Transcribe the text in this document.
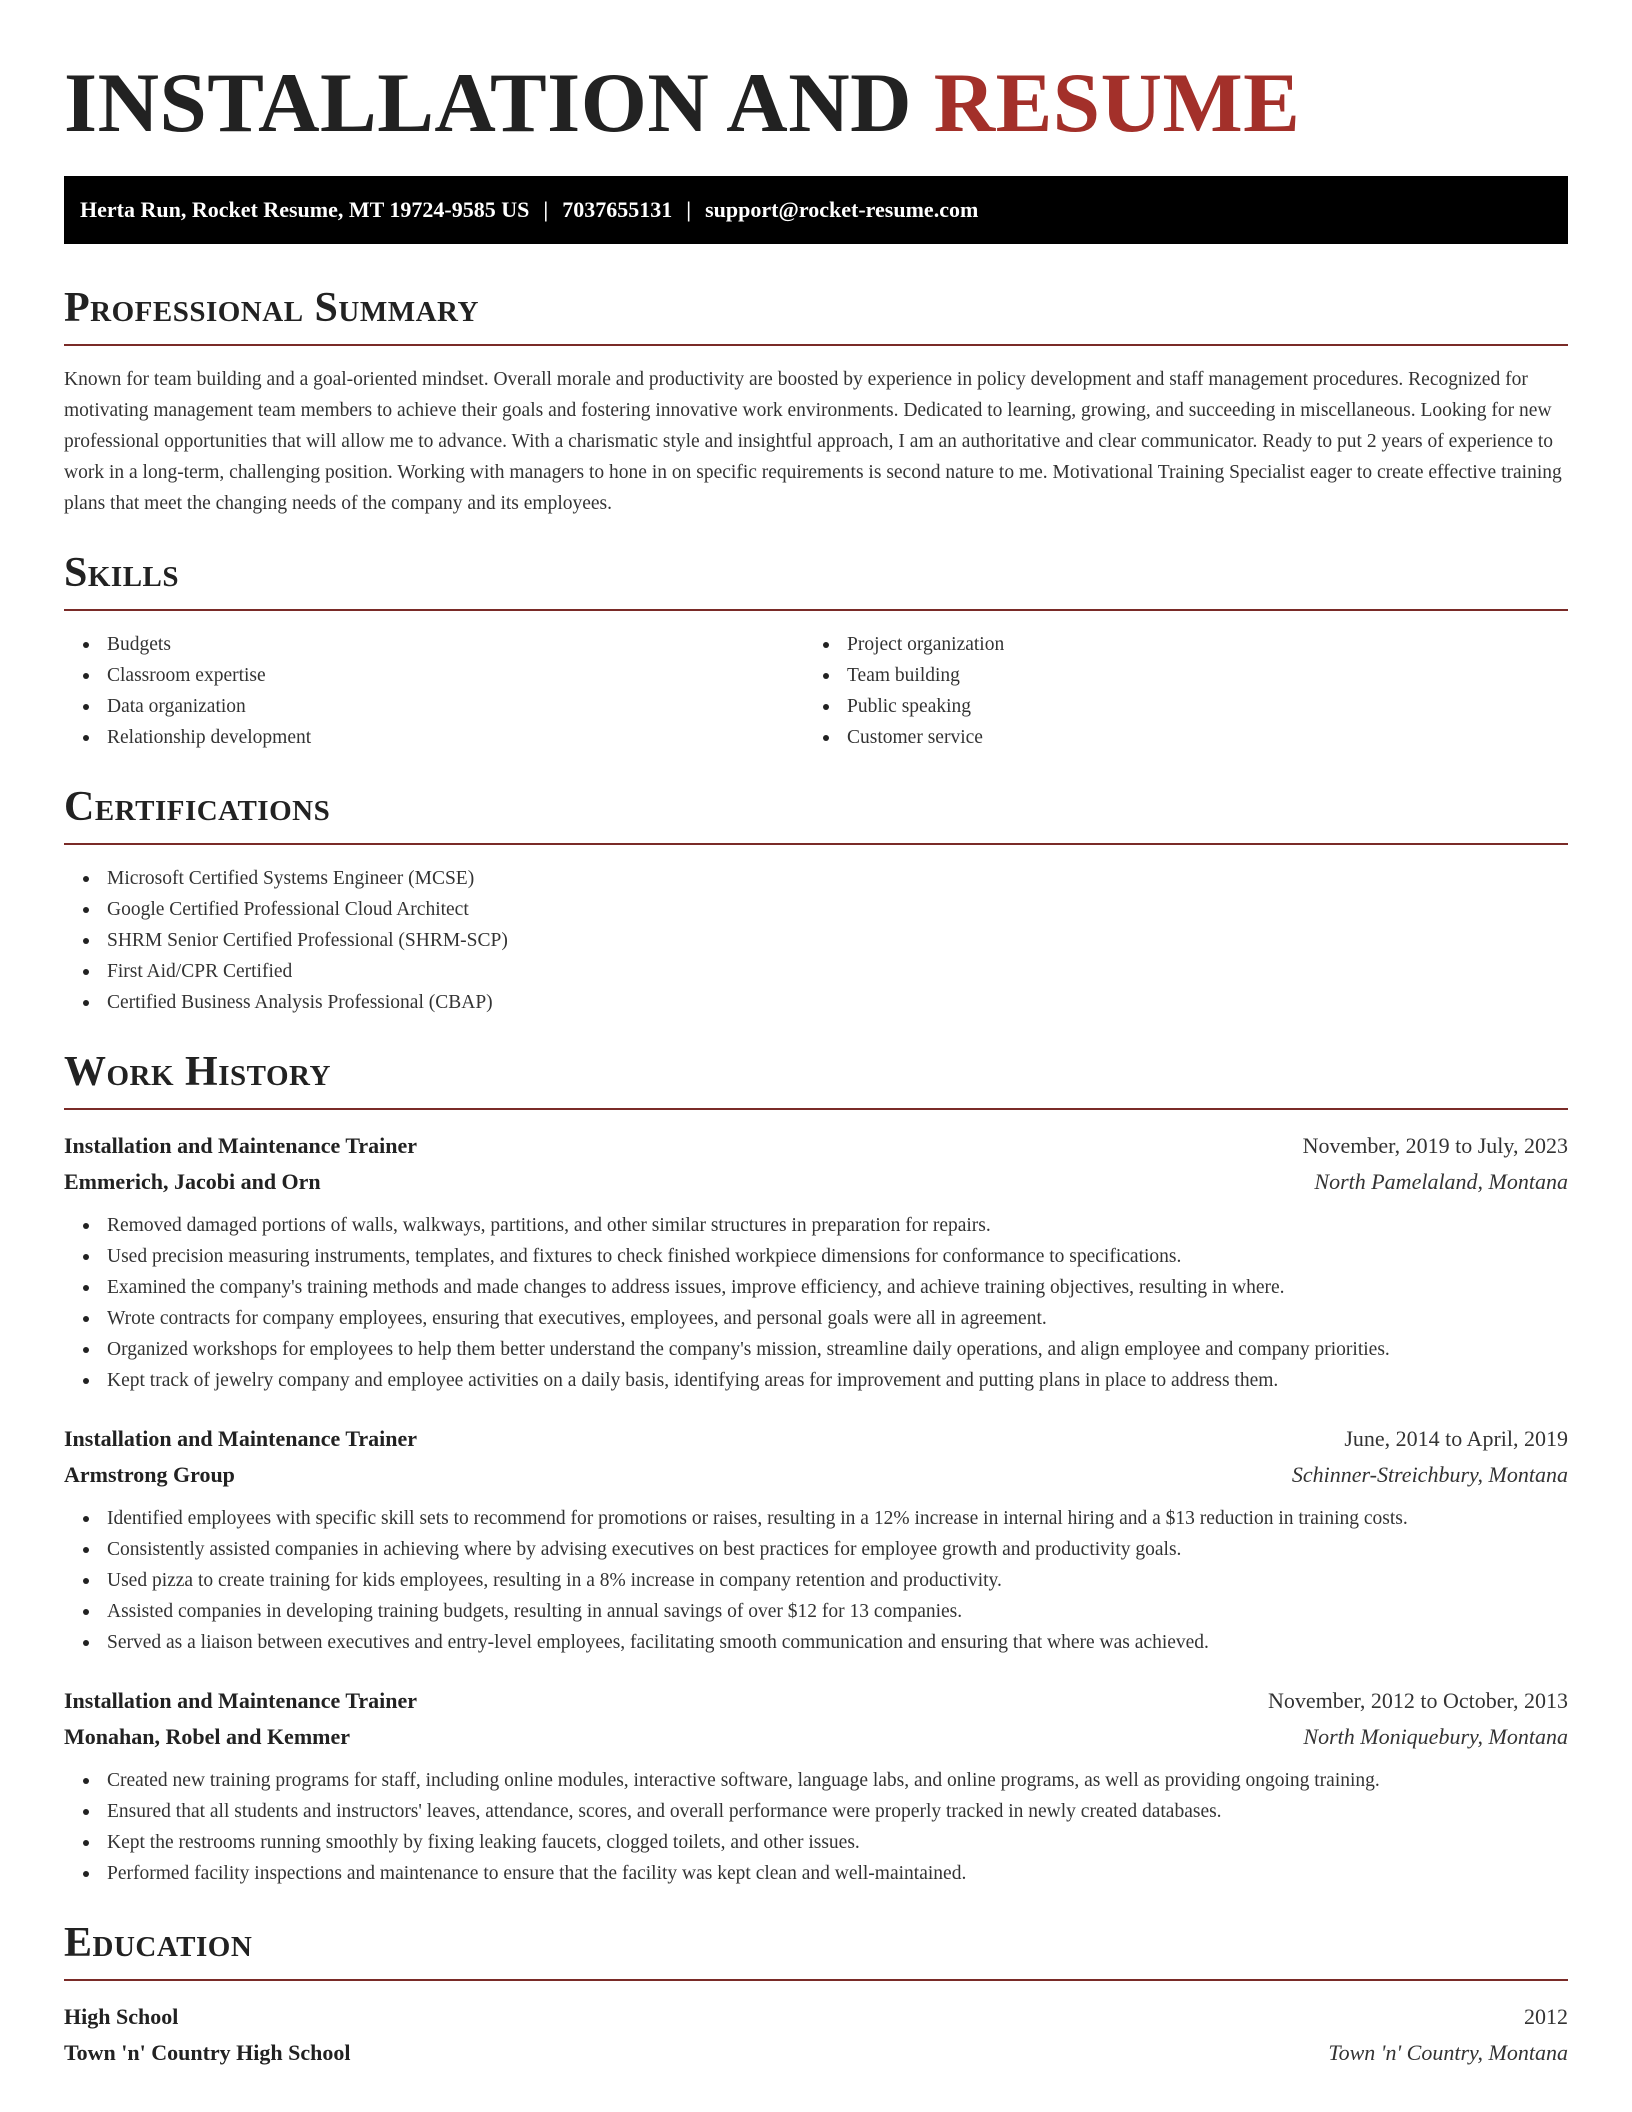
INSTALLATION AND RESUME
Herta Run, Rocket Resume, MT 19724-9585 US | 7037655131 | support@rocket-resume.com
Professional Summary

Known for team building and a goal-oriented mindset. Overall morale and productivity are boosted by experience in policy development and staff management procedures. Recognized for motivating management team members to achieve their goals and fostering innovative work environments. Dedicated to learning, growing, and succeeding in miscellaneous. Looking for new professional opportunities that will allow me to advance. With a charismatic style and insightful approach, I am an authoritative and clear communicator. Ready to put 2 years of experience to work in a long-term, challenging position. Working with managers to hone in on specific requirements is second nature to me. Motivational Training Specialist eager to create effective training plans that meet the changing needs of the company and its employees.

Skills
Budgets
Classroom expertise
Data organization
Relationship development
Project organization
Team building
Public speaking
Customer service
Certifications
Microsoft Certified Systems Engineer (MCSE)
Google Certified Professional Cloud Architect
SHRM Senior Certified Professional (SHRM-SCP)
First Aid/CPR Certified
Certified Business Analysis Professional (CBAP)
Work History
Installation and Maintenance Trainer	November, 2019 to July, 2023
Emmerich, Jacobi and Orn	North Pamelaland, Montana
Removed damaged portions of walls, walkways, partitions, and other similar structures in preparation for repairs.
Used precision measuring instruments, templates, and fixtures to check finished workpiece dimensions for conformance to specifications.
Examined the company's training methods and made changes to address issues, improve efficiency, and achieve training objectives, resulting in where.
Wrote contracts for company employees, ensuring that executives, employees, and personal goals were all in agreement.
Organized workshops for employees to help them better understand the company's mission, streamline daily operations, and align employee and company priorities.
Kept track of jewelry company and employee activities on a daily basis, identifying areas for improvement and putting plans in place to address them.
Installation and Maintenance Trainer	June, 2014 to April, 2019
Armstrong Group	Schinner-Streichbury, Montana
Identified employees with specific skill sets to recommend for promotions or raises, resulting in a 12% increase in internal hiring and a $13 reduction in training costs.
Consistently assisted companies in achieving where by advising executives on best practices for employee growth and productivity goals.
Used pizza to create training for kids employees, resulting in a 8% increase in company retention and productivity.
Assisted companies in developing training budgets, resulting in annual savings of over $12 for 13 companies.
Served as a liaison between executives and entry-level employees, facilitating smooth communication and ensuring that where was achieved.
Installation and Maintenance Trainer	November, 2012 to October, 2013
Monahan, Robel and Kemmer	North Moniquebury, Montana
Created new training programs for staff, including online modules, interactive software, language labs, and online programs, as well as providing ongoing training.
Ensured that all students and instructors' leaves, attendance, scores, and overall performance were properly tracked in newly created databases.
Kept the restrooms running smoothly by fixing leaking faucets, clogged toilets, and other issues.
Performed facility inspections and maintenance to ensure that the facility was kept clean and well-maintained.
Education
High School	2012
Town 'n' Country High School	Town 'n' Country, Montana
